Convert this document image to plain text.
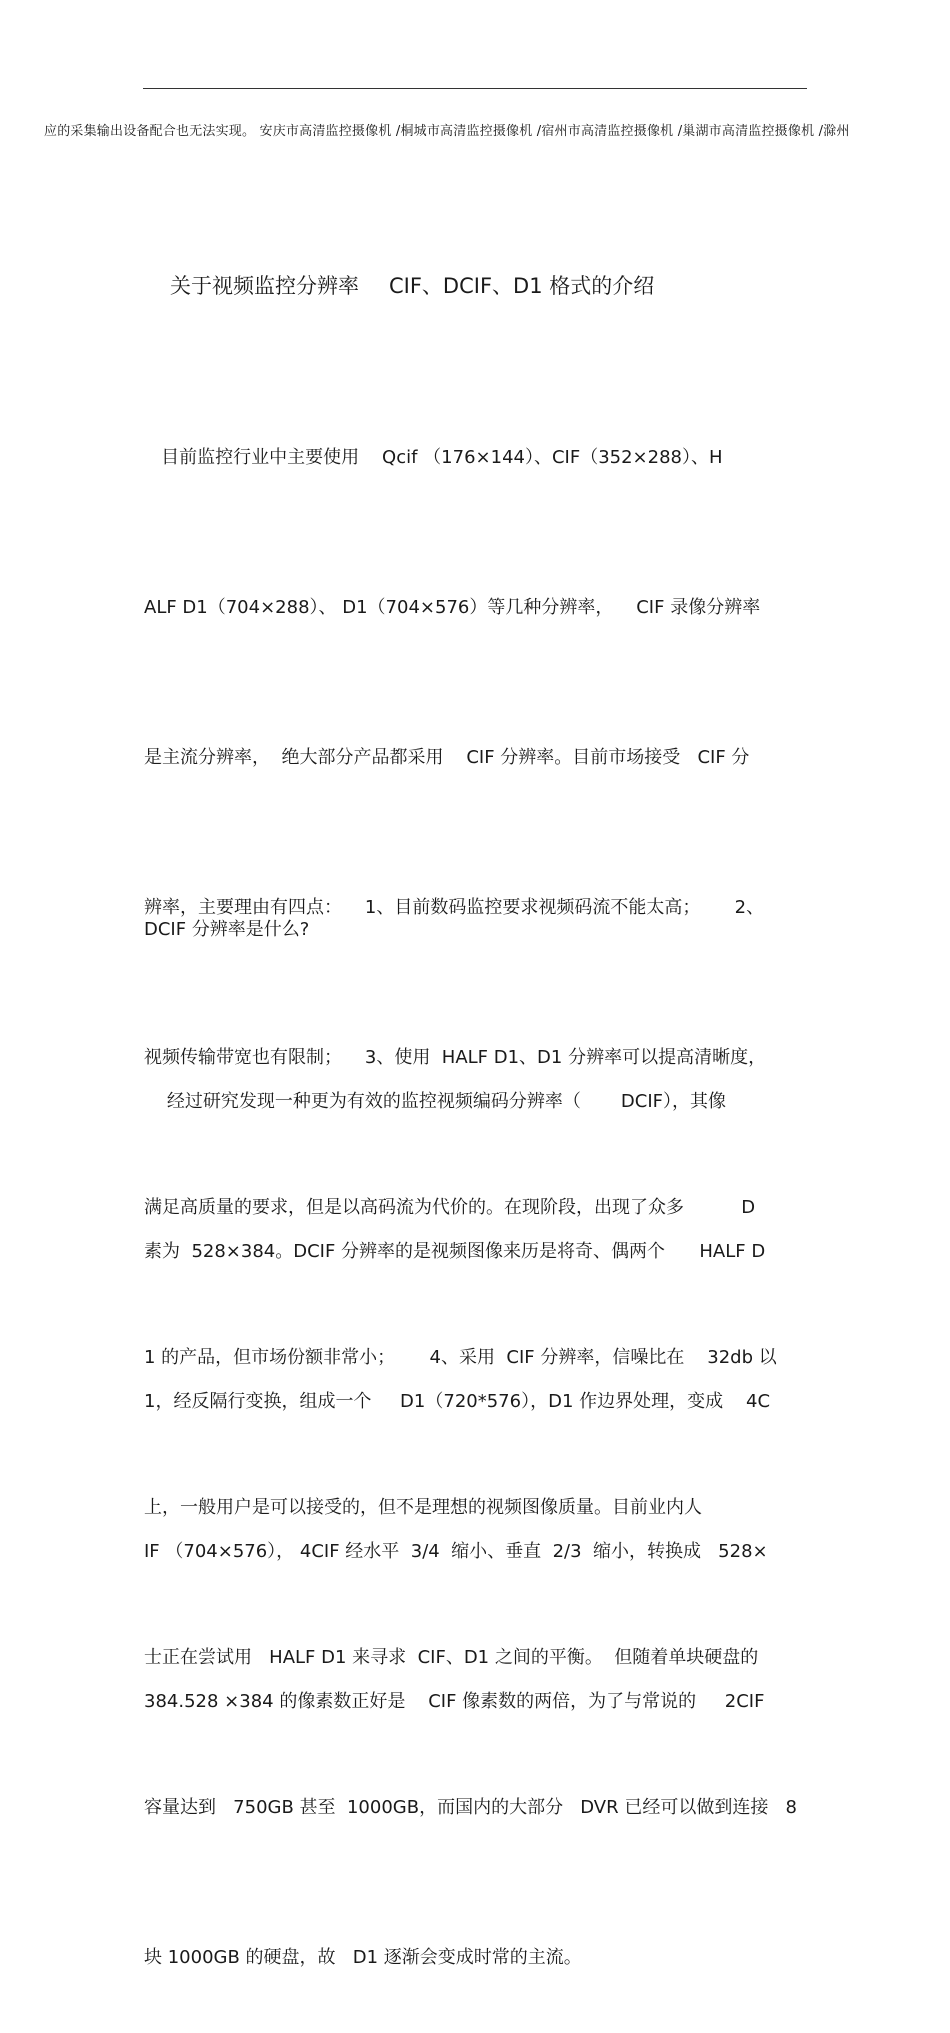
应的采集输出设备配合也无法实现。 安庆市高清监控摄像机 /桐城市高清监控摄像机 /宿州市高清监控摄像机 /巢湖市高清监控摄像机 /滁州
关于视频监控分辨率 CIF、DCIF、D1 格式的介绍

目前监控行业中主要使用    Qcif （176×144）、CIF（352×288）、H

ALF D1（704×288）、 D1（704×576）等几种分辨率，    CIF 录像分辨率

是主流分辨率，  绝大部分产品都采用    CIF 分辨率。目前市场接受   CIF 分

辨率，主要理由有四点：    1、目前数码监控要求视频码流不能太高；      2、

视频传输带宽也有限制；    3、使用  HALF D1、D1 分辨率可以提高清晰度，

满足高质量的要求，但是以高码流为代价的。在现阶段，出现了众多          D

1 的产品，但市场份额非常小；      4、采用  CIF 分辨率，信噪比在    32db 以

上，一般用户是可以接受的，但不是理想的视频图像质量。目前业内人

士正在尝试用   HALF D1 来寻求  CIF、D1 之间的平衡。  但随着单块硬盘的

容量达到   750GB 甚至  1000GB，而国内的大部分   DVR 已经可以做到连接   8

块 1000GB 的硬盘，故   D1 逐渐会变成时常的主流。

DCIF 分辨率是什么?

经过研究发现一种更为有效的监控视频编码分辨率（       DCIF），其像

素为  528×384。DCIF 分辨率的是视频图像来历是将奇、偶两个      HALF D

1，经反隔行变换，组成一个     D1（720*576），D1 作边界处理，变成    4C

IF （704×576）， 4CIF 经水平  3/4  缩小、垂直  2/3  缩小，转换成   528×

384.528 ×384 的像素数正好是    CIF 像素数的两倍，为了与常说的     2CIF
